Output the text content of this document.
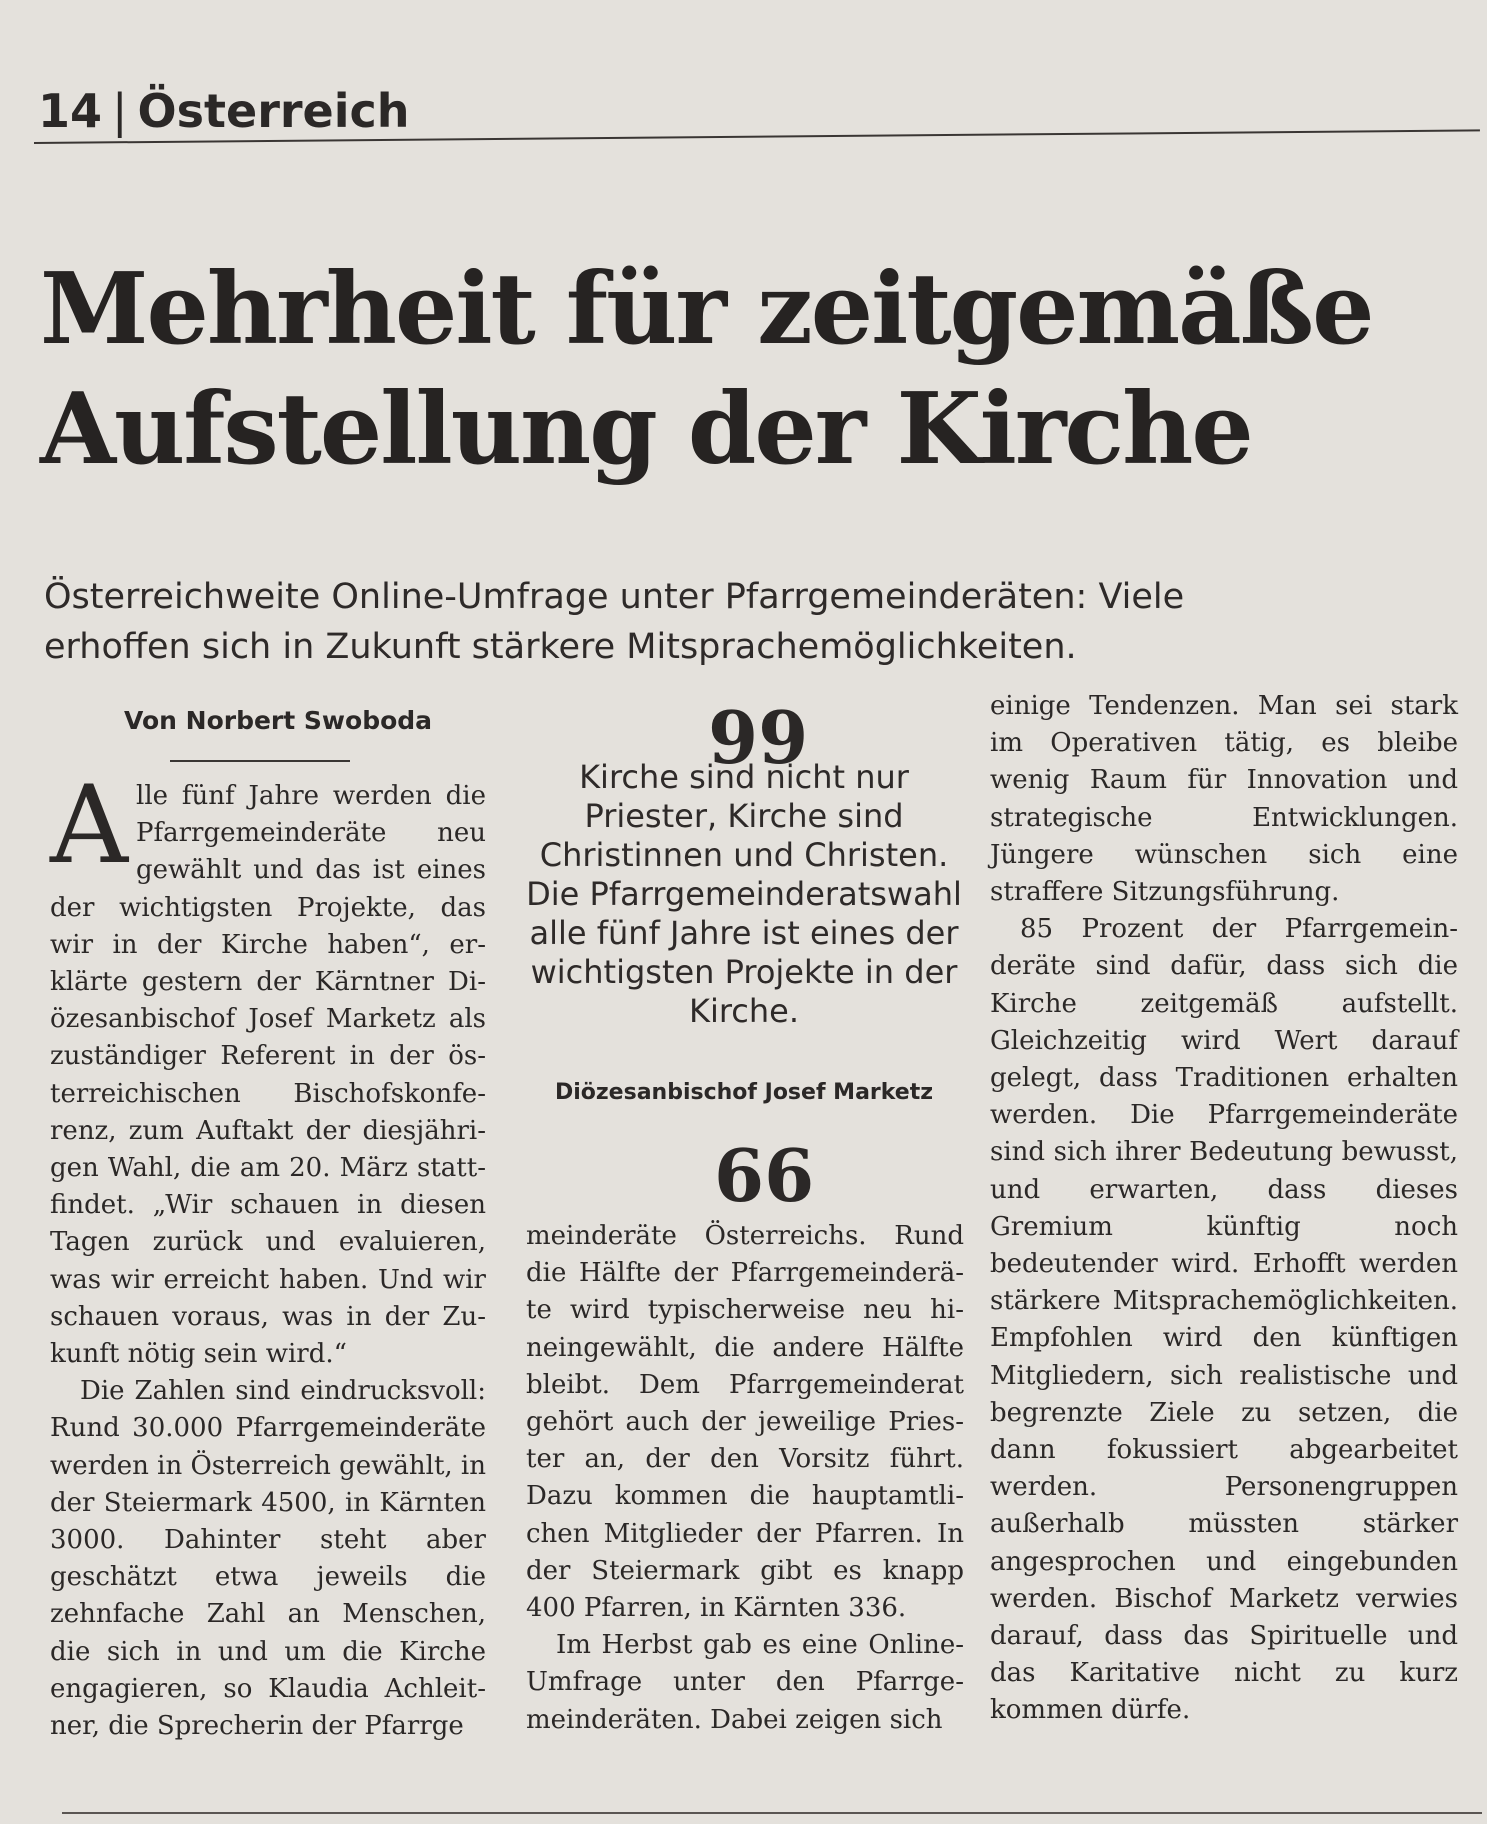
14 | Österreich
Mehrheit für zeitgemäße
Aufstellung der Kirche
Österreichweite Online-Umfrage unter Pfarrgemeinderäten: Viele
erhoffen sich in Zukunft stärkere Mitsprachemöglichkeiten.
Von Norbert Swoboda

Alle fünf Jahre werden die Pfarrgemeinderäte neu gewählt und das ist eines der wichtigsten Projekte, das wir in der Kirche haben“, erklärte gestern der Kärntner Diözesanbischof Josef Marketz als zuständiger Referent in der österreichischen Bischofskonferenz, zum Auftakt der diesjährigen Wahl, die am 20. März stattfindet. „Wir schauen in diesen Tagen zurück und evaluieren, was wir erreicht haben. Und wir schauen voraus, was in der Zukunft nötig sein wird.“

Die Zahlen sind eindrucksvoll: Rund 30.000 Pfarrgemeinderäte werden in Österreich gewählt, in der Steiermark 4500, in Kärnten 3000. Dahinter steht aber geschätzt etwa jeweils die zehnfache Zahl an Menschen, die sich in und um die Kirche engagieren, so Klaudia Achleitner, die Sprecherin der Pfarrge

99
Kirche sind nicht nur Priester, Kirche sind Christinnen und Christen. Die Pfarrgemeinderatswahl alle fünf Jahre ist eines der wichtigsten Projekte in der Kirche.
Diözesanbischof Josef Marketz
66

meinderäte Österreichs. Rund die Hälfte der Pfarrgemeinderäte wird typischerweise neu hineingewählt, die andere Hälfte bleibt. Dem Pfarrgemeinderat gehört auch der jeweilige Priester an, der den Vorsitz führt. Dazu kommen die hauptamtlichen Mitglieder der Pfarren. In der Steiermark gibt es knapp 400 Pfarren, in Kärnten 336.

Im Herbst gab es eine Online-Umfrage unter den Pfarrgemeinderäten. Dabei zeigen sich

einige Tendenzen. Man sei stark im Operativen tätig, es bleibe wenig Raum für Innovation und strategische Entwicklungen. Jüngere wünschen sich eine straffere Sitzungsführung.

85 Prozent der Pfarrgemeinderäte sind dafür, dass sich die Kirche zeitgemäß aufstellt. Gleichzeitig wird Wert darauf gelegt, dass Traditionen erhalten werden. Die Pfarrgemeinderäte sind sich ihrer Bedeutung bewusst, und erwarten, dass dieses Gremium künftig noch bedeutender wird. Erhofft werden stärkere Mitsprachemöglichkeiten. Empfohlen wird den künftigen Mitgliedern, sich realistische und begrenzte Ziele zu setzen, die dann fokussiert abgearbeitet werden. Personengruppen außerhalb müssten stärker angesprochen und eingebunden werden. Bischof Marketz verwies darauf, dass das Spirituelle und das Karitative nicht zu kurz kommen dürfe.
